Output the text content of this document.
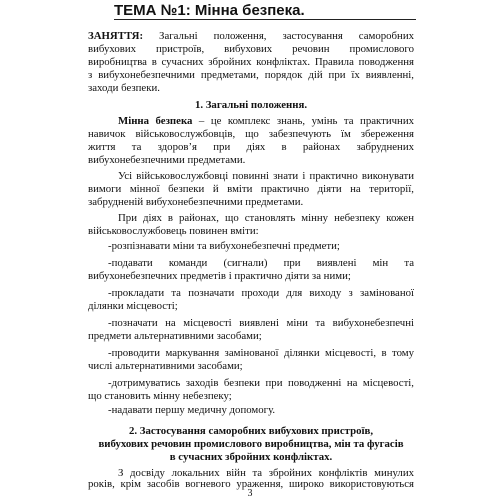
ТЕМА №1: Мінна безпека.
ЗАНЯТТЯ: Загальні положення, застосування саморобних
вибухових пристроїв, вибухових речовин промислового
виробництва в сучасних збройних конфліктах. Правила поводження
з вибухонебезпечними предметами, порядок дій при їх виявленні,
заходи безпеки.
1. Загальні положення.
Мінна безпека – це комплекс знань, умінь та практичних
навичок військовослужбовців, що забезпечують їм збереження
життя та здоров’я при діях в районах забруднених
вибухонебезпечними предметами.
Усі військовослужбовці повинні знати і практично виконувати
вимоги мінної безпеки й вміти практично діяти на території,
забрудненій вибухонебезпечними предметами.
При діях в районах, що становлять мінну небезпеку кожен
військовослужбовець повинен вміти:
-розпізнавати міни та вибухонебезпечні предмети;
-подавати команди (сигнали) при виявлені мін та
вибухонебезпечних предметів і практично діяти за ними;
-прокладати та позначати проходи для виходу з замінованої
ділянки місцевості;
-позначати на місцевості виявлені міни та вибухонебезпечні
предмети альтернативними засобами;
-проводити маркування замінованої ділянки місцевості, в тому
числі альтернативними засобами;
-дотримуватись заходів безпеки при поводженні на місцевості,
що становить мінну небезпеку;
-надавати першу медичну допомогу.
2. Застосування саморобних вибухових пристроїв,
вибухових речовин промислового виробництва, мін та фугасів
в сучасних збройних конфліктах.
З досвіду локальних війн та збройних конфліктів минулих
років, крім засобів вогневого ураження, широко використовуються
3
